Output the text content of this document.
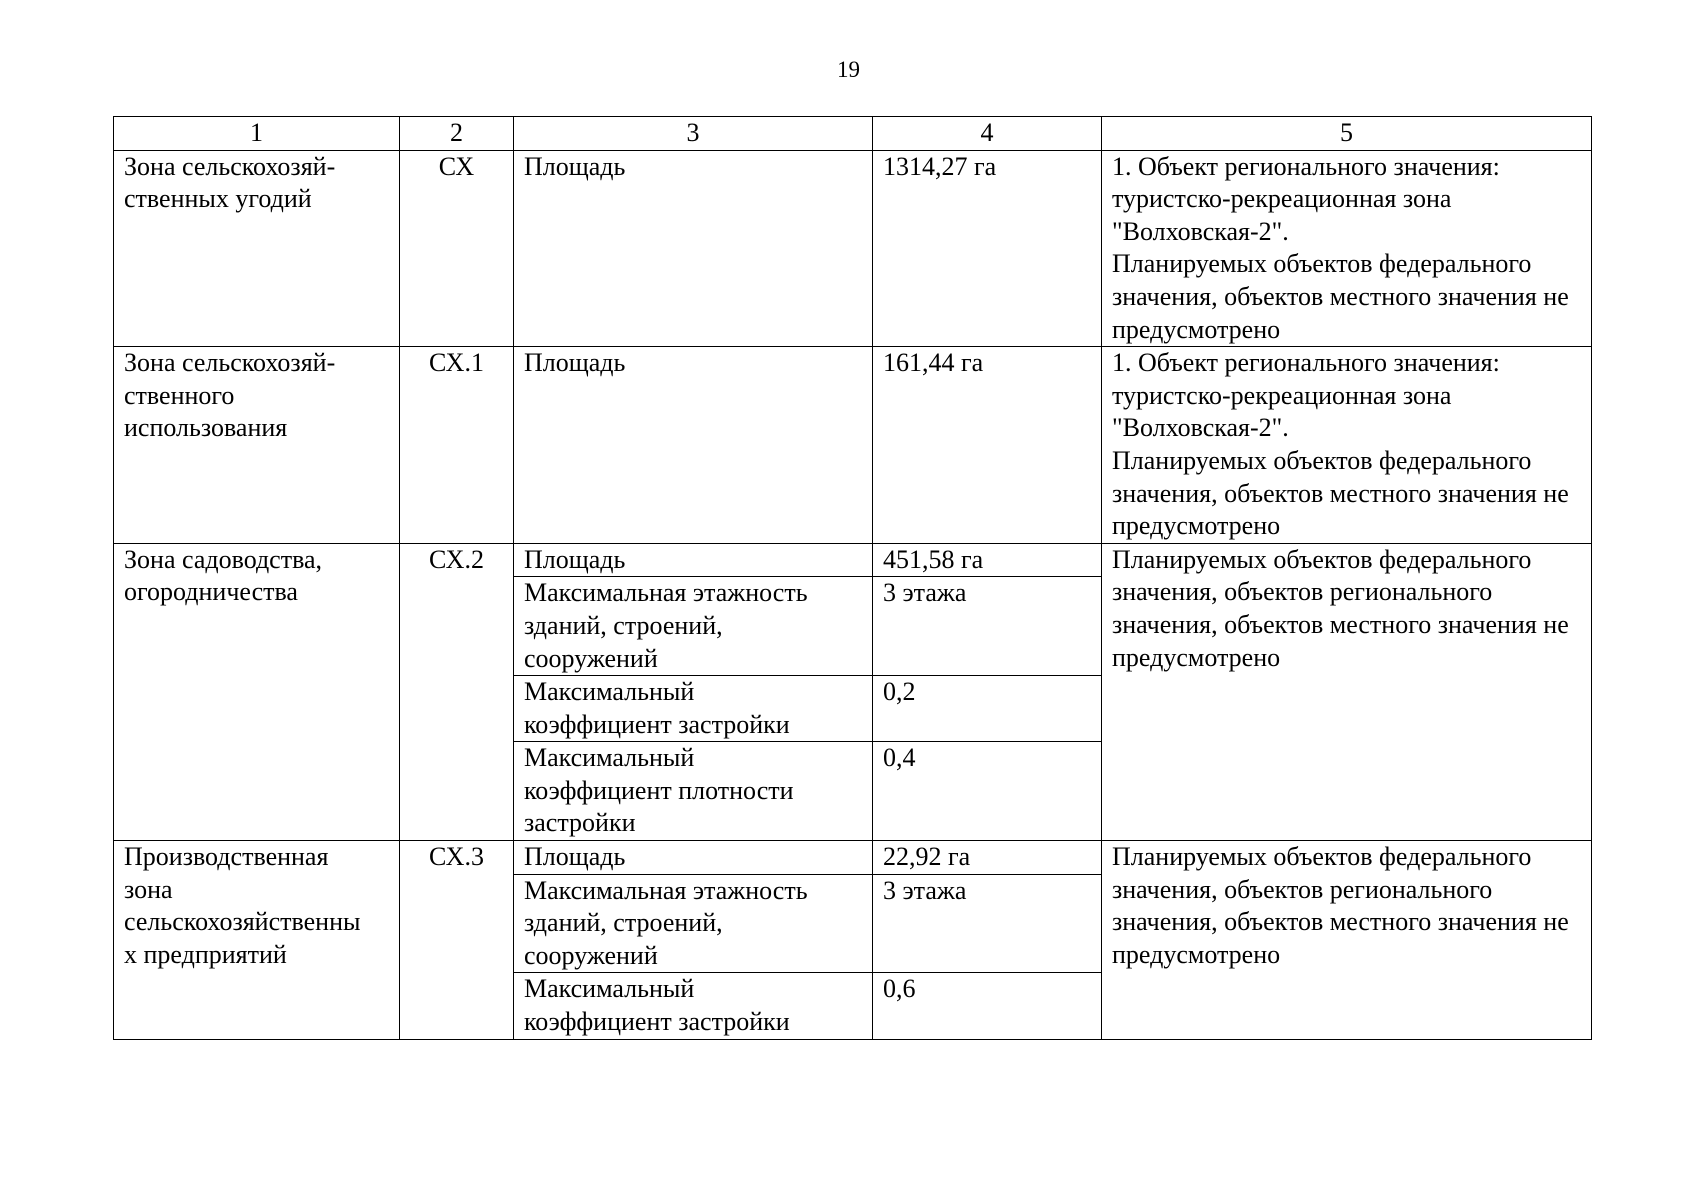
19
1	2	3	4	5
Зона сельскохозяй-
ственных угодий	СХ	Площадь	1314,27 га	1. Объект регионального значения:
туристско-рекреационная зона
"Волховская-2".
Планируемых объектов федерального значения, объектов местного значения не предусмотрено
Зона сельскохозяй-
ственного
использования	СХ.1	Площадь	161,44 га	1. Объект регионального значения:
туристско-рекреационная зона
"Волховская-2".
Планируемых объектов федерального значения, объектов местного значения не предусмотрено
Зона садоводства,
огородничества	СХ.2	Площадь	451,58 га	Планируемых объектов федерального значения, объектов регионального значения, объектов местного значения не предусмотрено
		Максимальная этажность
зданий, строений,
сооружений	3 этажа	
		Максимальный
коэффициент застройки	0,2	
		Максимальный
коэффициент плотности
застройки	0,4	
Производственная
зона
сельскохозяйственны
х предприятий	СХ.3	Площадь	22,92 га	Планируемых объектов федерального значения, объектов регионального значения, объектов местного значения не предусмотрено
		Максимальная этажность
зданий, строений,
сооружений	3 этажа	
		Максимальный
коэффициент застройки	0,6	
